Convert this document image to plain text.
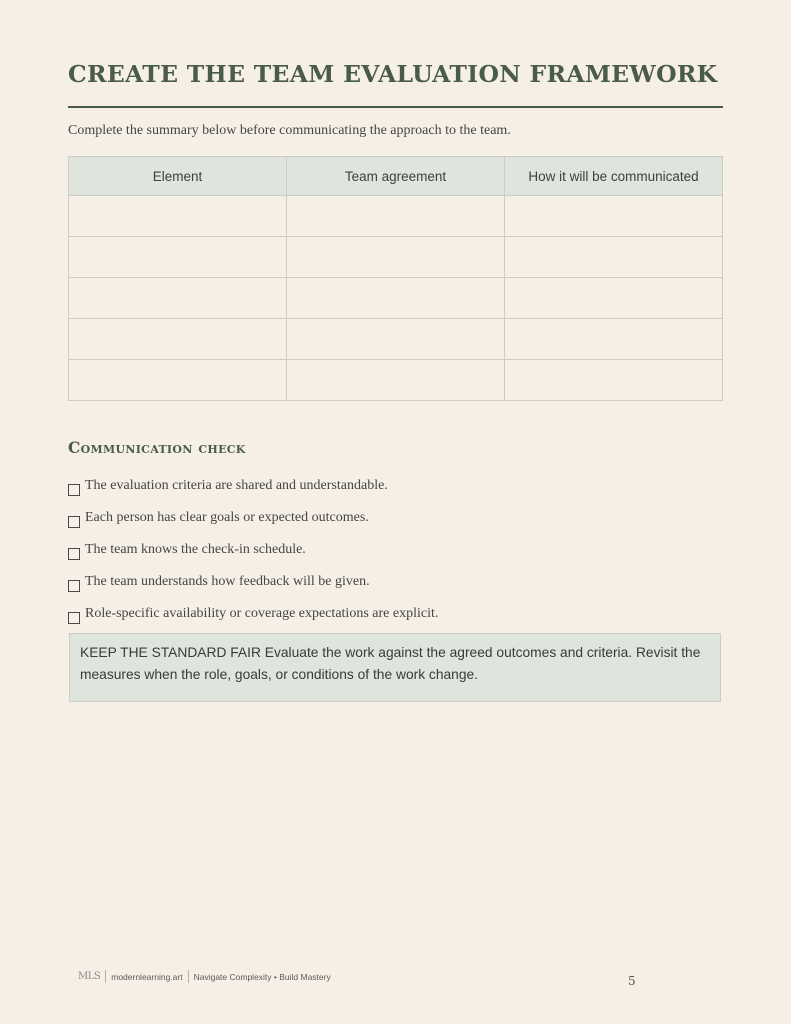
CREATE THE TEAM EVALUATION FRAMEWORK

Complete the summary below before communicating the approach to the team.

Element	Team agreement	How it will be communicated

Communication check
The evaluation criteria are shared and understandable.
Each person has clear goals or expected outcomes.
The team knows the check-in schedule.
The team understands how feedback will be given.
Role-specific availability or coverage expectations are explicit.
KEEP THE STANDARD FAIR Evaluate the work against the agreed outcomes and criteria. Revisit the measures when the role, goals, or conditions of the work change.
MLS modernlearning.art Navigate Complexity • Build Mastery	5
